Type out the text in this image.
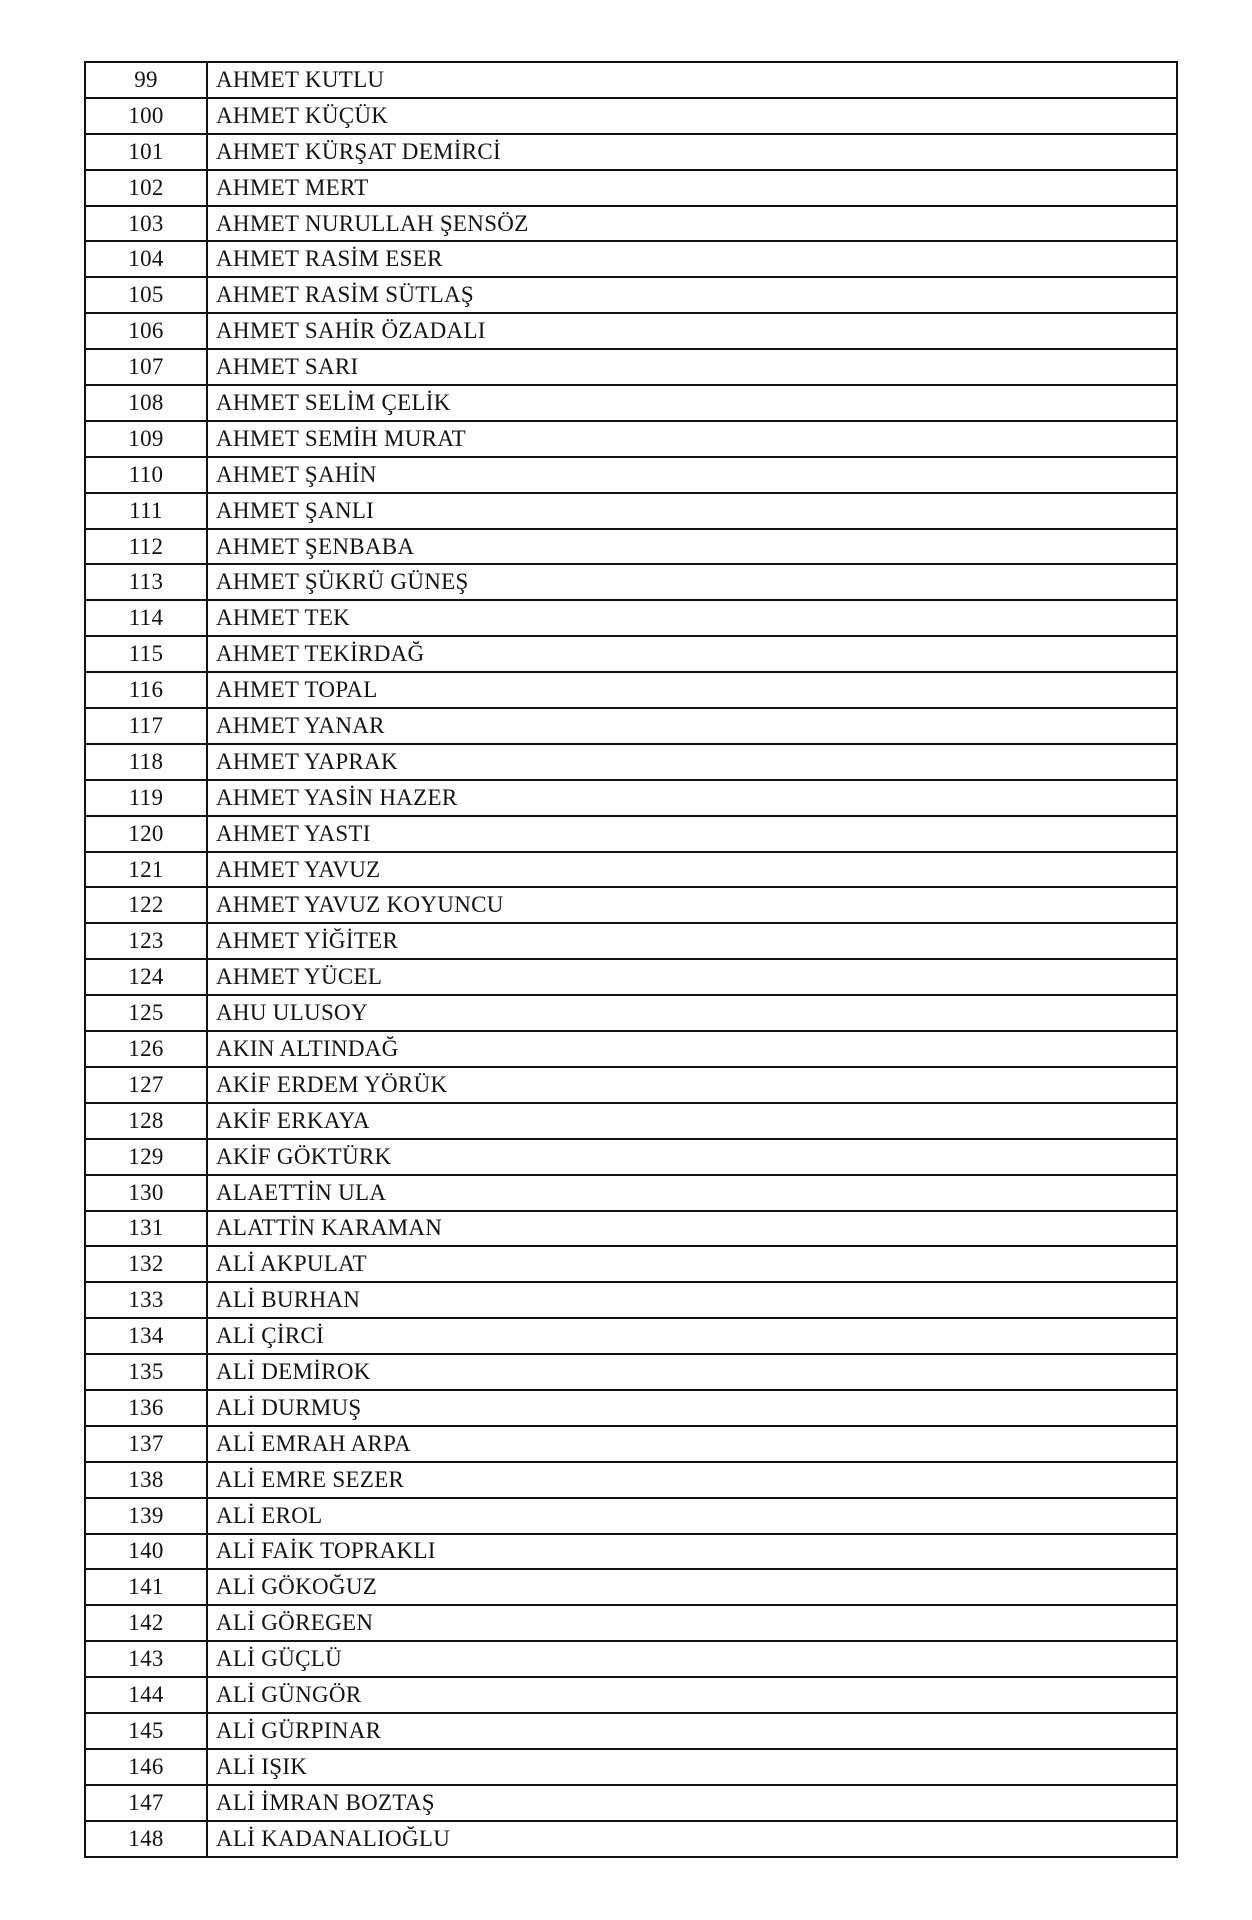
99	AHMET KUTLU
100	AHMET KÜÇÜK
101	AHMET KÜRŞAT DEMİRCİ
102	AHMET MERT
103	AHMET NURULLAH ŞENSÖZ
104	AHMET RASİM ESER
105	AHMET RASİM SÜTLAŞ
106	AHMET SAHİR ÖZADALI
107	AHMET SARI
108	AHMET SELİM ÇELİK
109	AHMET SEMİH MURAT
110	AHMET ŞAHİN
111	AHMET ŞANLI
112	AHMET ŞENBABA
113	AHMET ŞÜKRÜ GÜNEŞ
114	AHMET TEK
115	AHMET TEKİRDAĞ
116	AHMET TOPAL
117	AHMET YANAR
118	AHMET YAPRAK
119	AHMET YASİN HAZER
120	AHMET YASTI
121	AHMET YAVUZ
122	AHMET YAVUZ KOYUNCU
123	AHMET YİĞİTER
124	AHMET YÜCEL
125	AHU ULUSOY
126	AKIN ALTINDAĞ
127	AKİF ERDEM YÖRÜK
128	AKİF ERKAYA
129	AKİF GÖKTÜRK
130	ALAETTİN ULA
131	ALATTİN KARAMAN
132	ALİ AKPULAT
133	ALİ BURHAN
134	ALİ ÇİRCİ
135	ALİ DEMİROK
136	ALİ DURMUŞ
137	ALİ EMRAH ARPA
138	ALİ EMRE SEZER
139	ALİ EROL
140	ALİ FAİK TOPRAKLI
141	ALİ GÖKOĞUZ
142	ALİ GÖREGEN
143	ALİ GÜÇLÜ
144	ALİ GÜNGÖR
145	ALİ GÜRPINAR
146	ALİ IŞIK
147	ALİ İMRAN BOZTAŞ
148	ALİ KADANALIOĞLU
